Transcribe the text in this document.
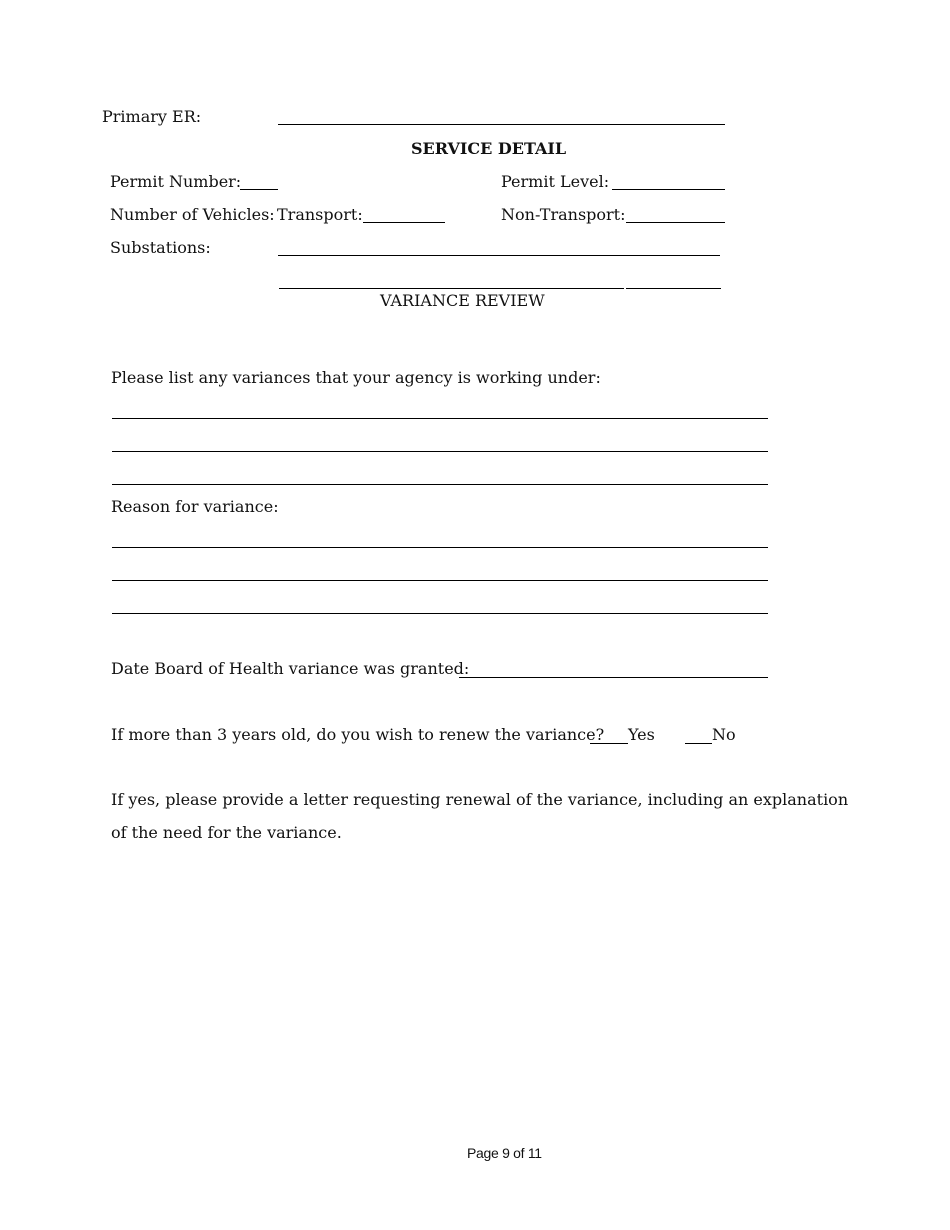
Primary ER:
SERVICE DETAIL
Permit Number:	Permit Level:
Number of Vehicles: Transport:	Non-Transport:
Substations:
VARIANCE REVIEW
Please list any variances that your agency is working under:
Reason for variance:
Date Board of Health variance was granted:
If more than 3 years old, do you wish to renew the variance? Yes	No
If yes, please provide a letter requesting renewal of the variance, including an explanation
of the need for the variance.
Page 9 of 11
